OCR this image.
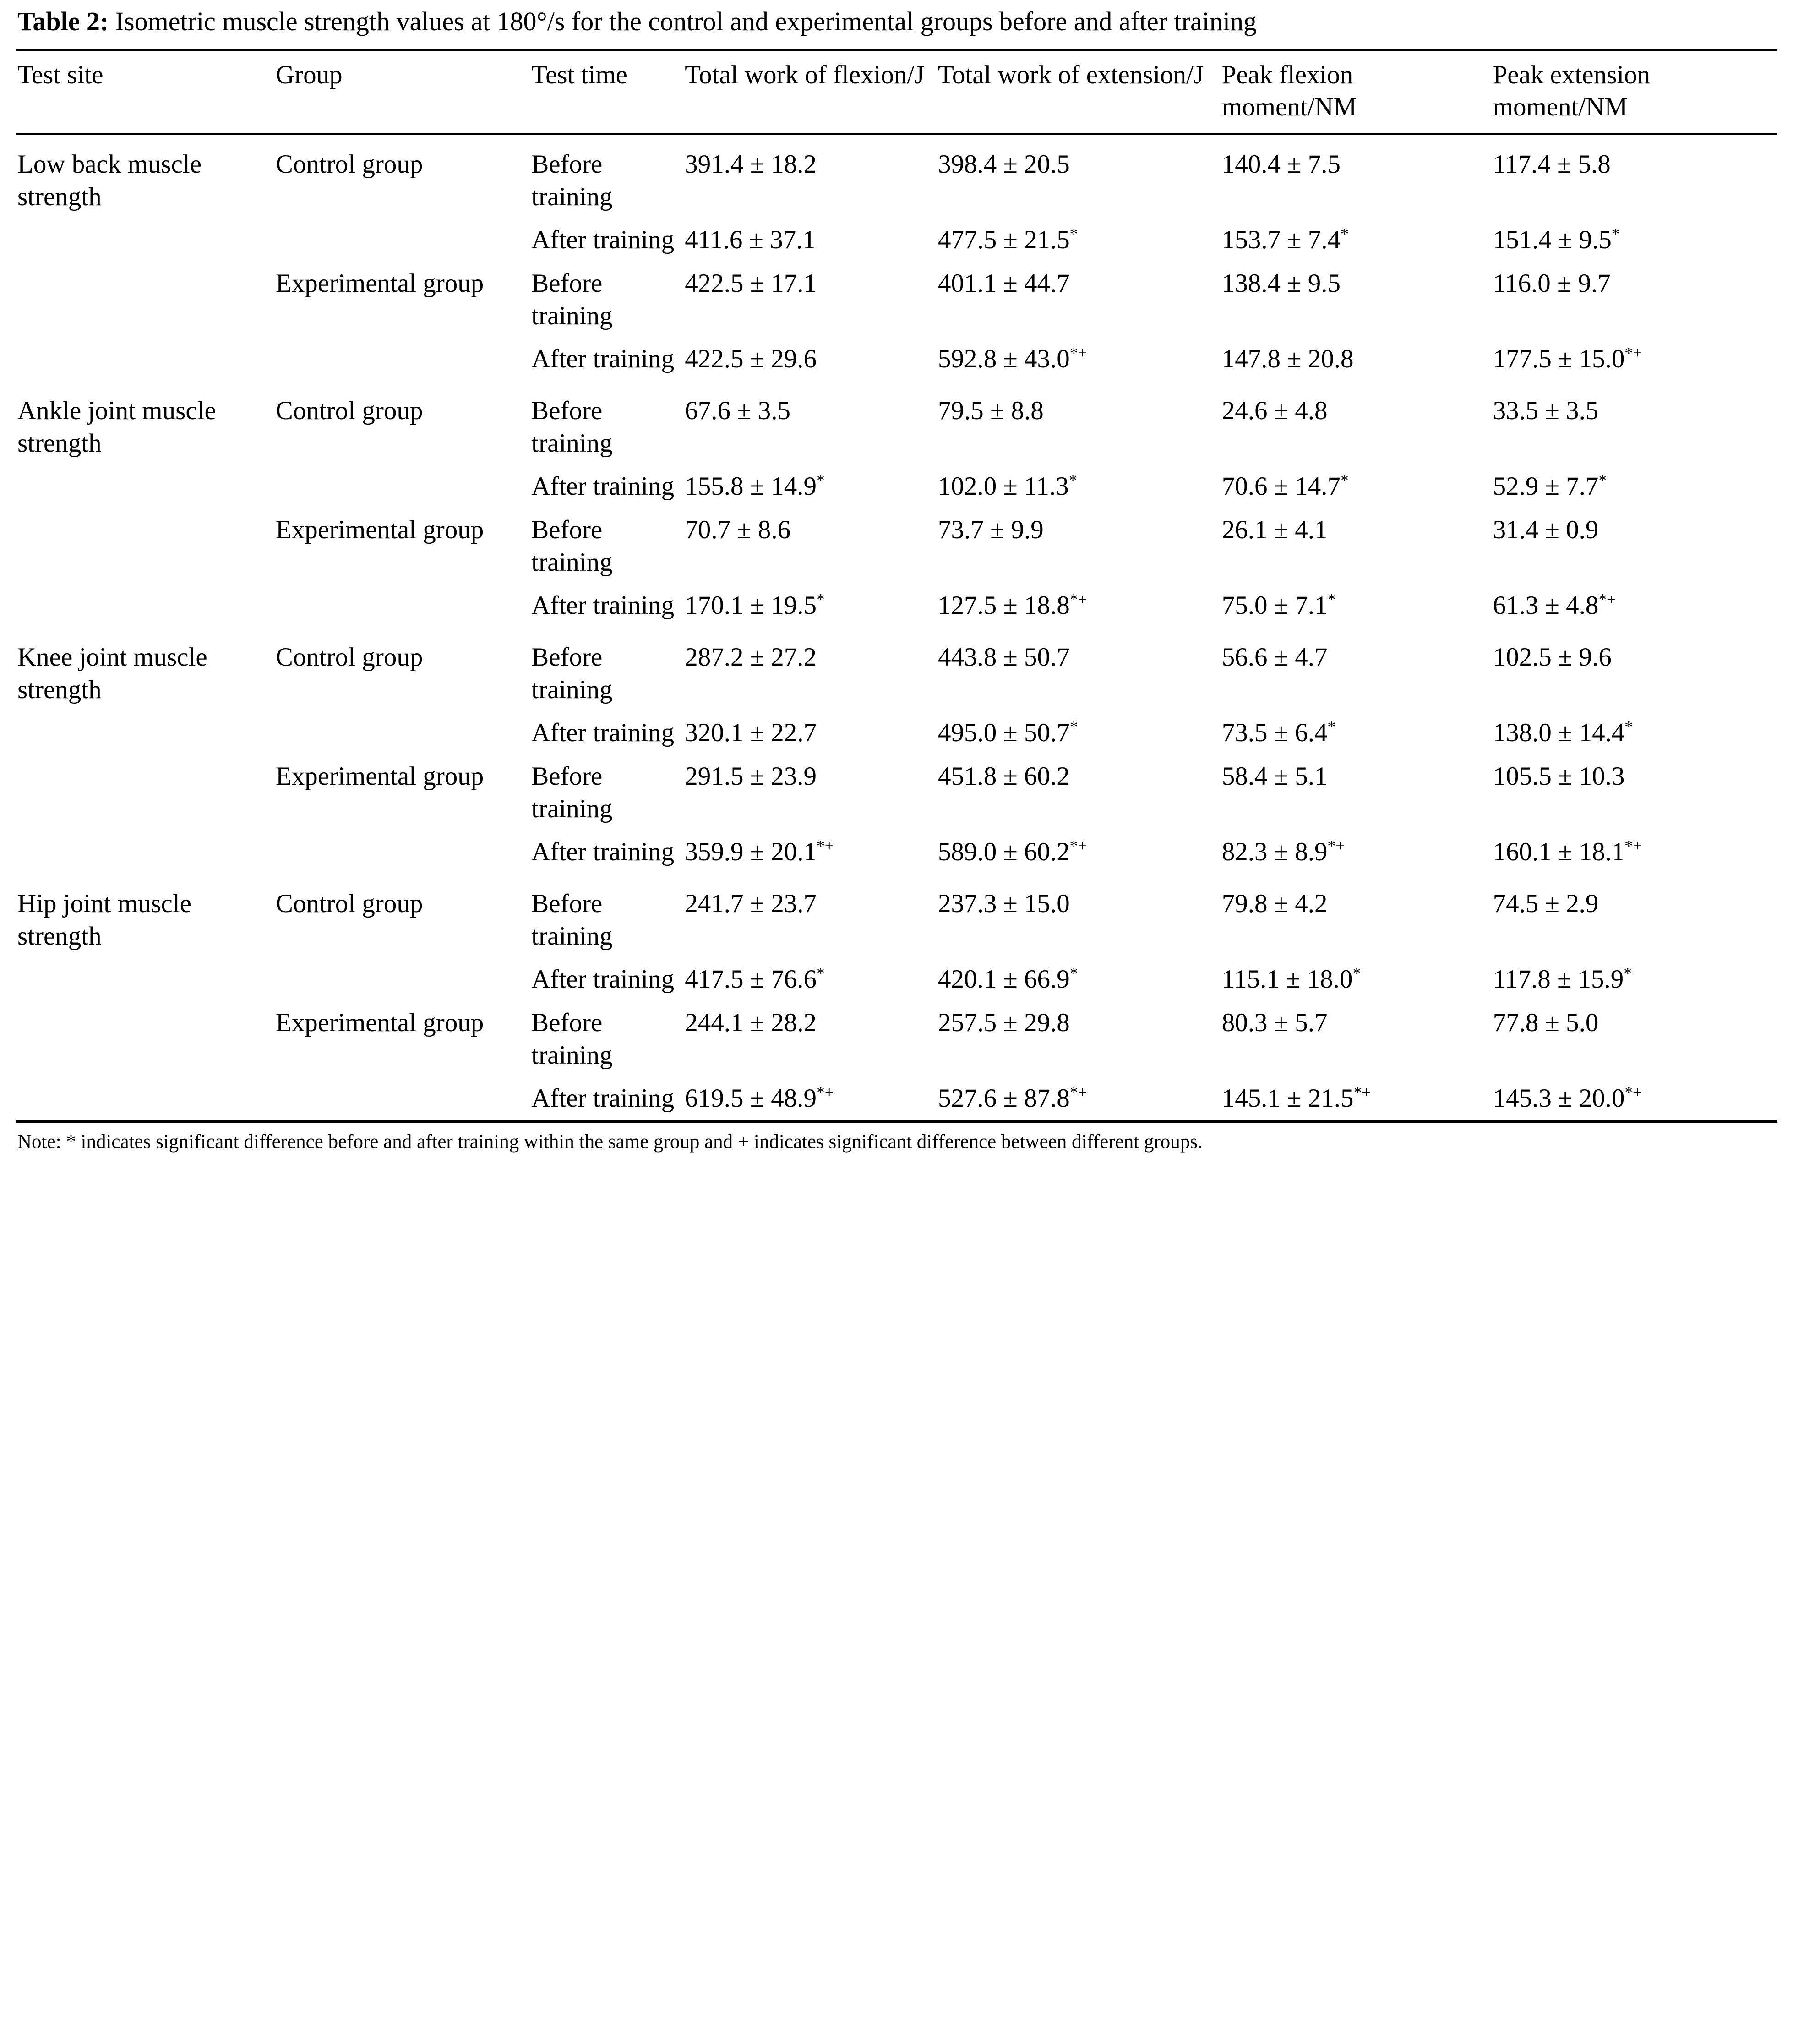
Table 2: Isometric muscle strength values at 180°/s for the control and experimental groups before and after training
Test site	Group	Test time	Total work of flexion/J	Total work of extension/J	Peak flexion moment/NM	Peak extension moment/NM
Low back muscle strength	Control group	Before training	391.4 ± 18.2	398.4 ± 20.5	140.4 ± 7.5	117.4 ± 5.8
		After training	411.6 ± 37.1	477.5 ± 21.5*	153.7 ± 7.4*	151.4 ± 9.5*
	Experimental group	Before training	422.5 ± 17.1	401.1 ± 44.7	138.4 ± 9.5	116.0 ± 9.7
		After training	422.5 ± 29.6	592.8 ± 43.0*+	147.8 ± 20.8	177.5 ± 15.0*+
Ankle joint muscle strength	Control group	Before training	67.6 ± 3.5	79.5 ± 8.8	24.6 ± 4.8	33.5 ± 3.5
		After training	155.8 ± 14.9*	102.0 ± 11.3*	70.6 ± 14.7*	52.9 ± 7.7*
	Experimental group	Before training	70.7 ± 8.6	73.7 ± 9.9	26.1 ± 4.1	31.4 ± 0.9
		After training	170.1 ± 19.5*	127.5 ± 18.8*+	75.0 ± 7.1*	61.3 ± 4.8*+
Knee joint muscle strength	Control group	Before training	287.2 ± 27.2	443.8 ± 50.7	56.6 ± 4.7	102.5 ± 9.6
		After training	320.1 ± 22.7	495.0 ± 50.7*	73.5 ± 6.4*	138.0 ± 14.4*
	Experimental group	Before training	291.5 ± 23.9	451.8 ± 60.2	58.4 ± 5.1	105.5 ± 10.3
		After training	359.9 ± 20.1*+	589.0 ± 60.2*+	82.3 ± 8.9*+	160.1 ± 18.1*+
Hip joint muscle strength	Control group	Before training	241.7 ± 23.7	237.3 ± 15.0	79.8 ± 4.2	74.5 ± 2.9
		After training	417.5 ± 76.6*	420.1 ± 66.9*	115.1 ± 18.0*	117.8 ± 15.9*
	Experimental group	Before training	244.1 ± 28.2	257.5 ± 29.8	80.3 ± 5.7	77.8 ± 5.0
		After training	619.5 ± 48.9*+	527.6 ± 87.8*+	145.1 ± 21.5*+	145.3 ± 20.0*+
Note: * indicates significant difference before and after training within the same group and + indicates significant difference between different groups.
